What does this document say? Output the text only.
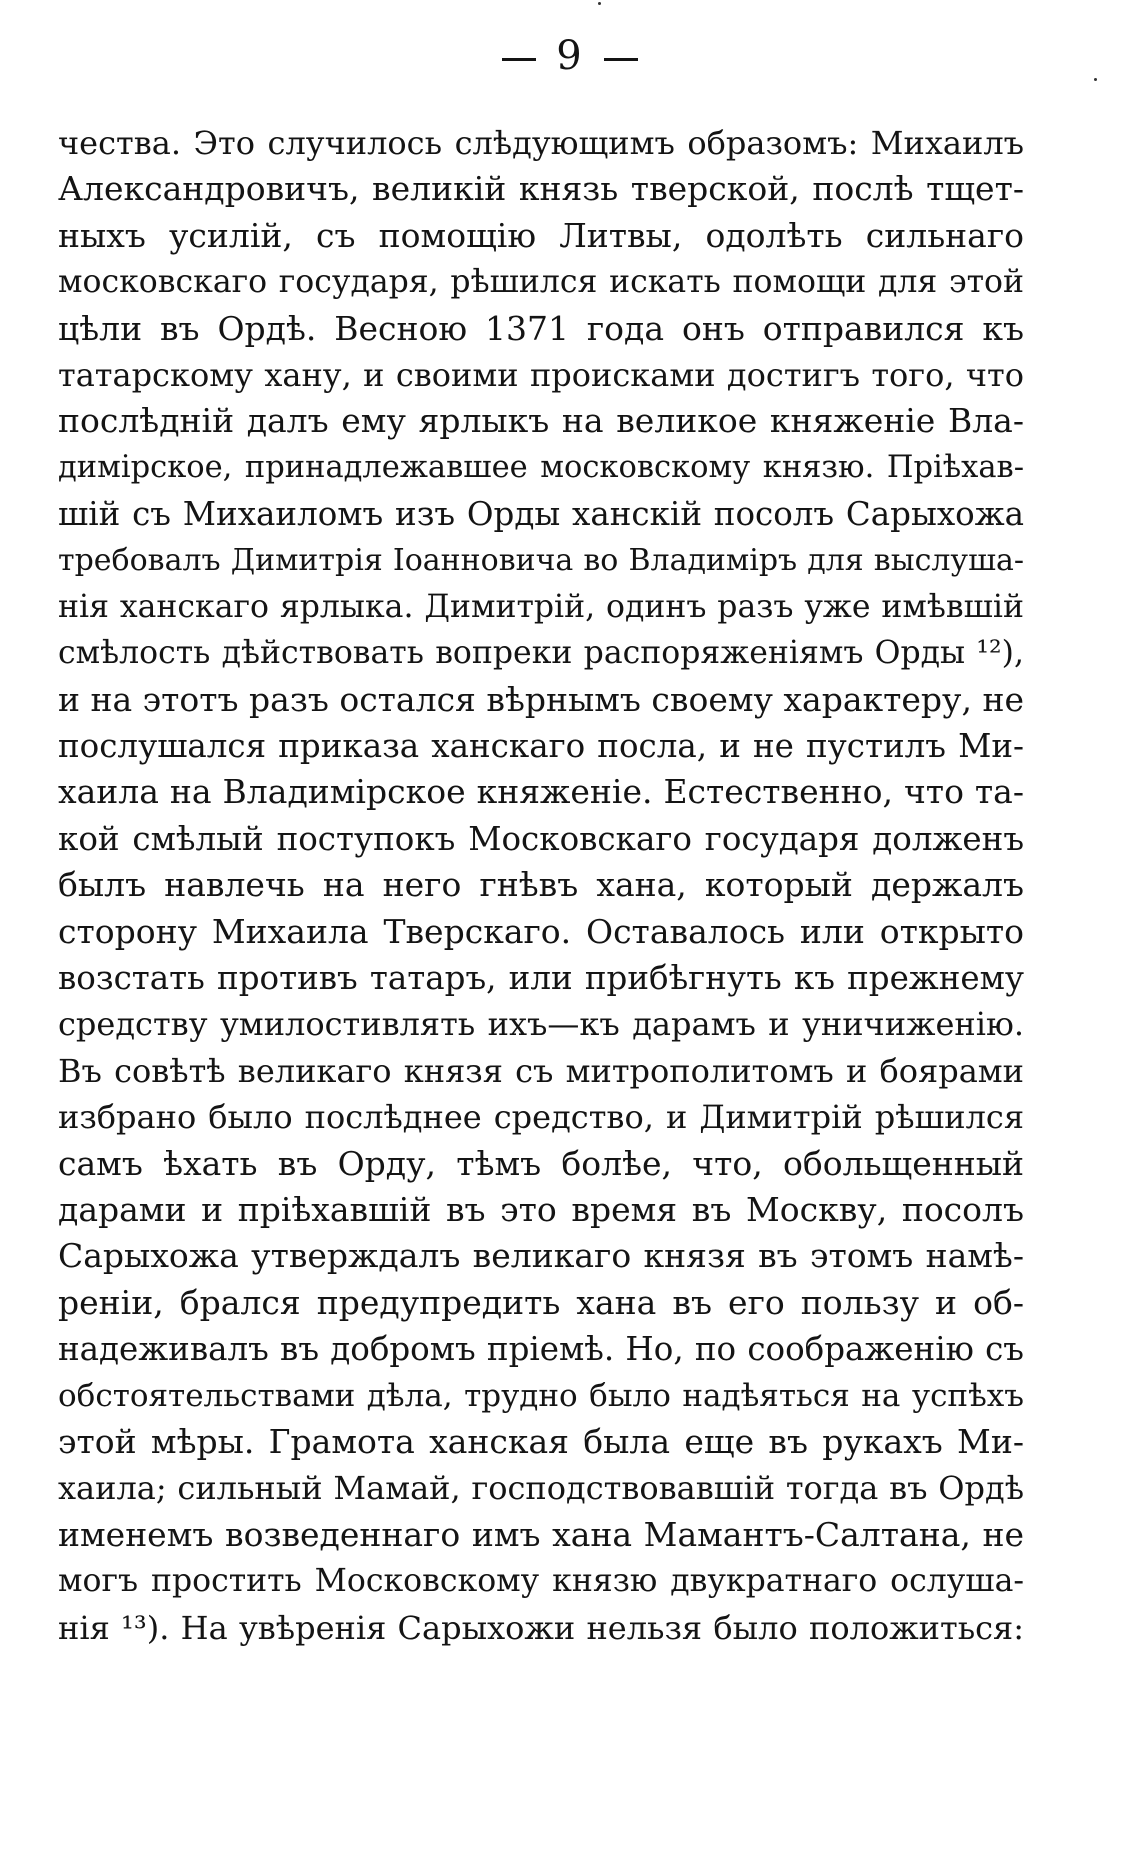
9
чества. Это случилось слѣдующимъ образомъ: Михаилъ
Александровичъ, великій князь тверской, послѣ тщет-
ныхъ усилій, съ помощію Литвы, одолѣть сильнаго
московскаго государя, рѣшился искать помощи для этой
цѣли въ Ордѣ. Весною 1371 года онъ отправился къ
татарскому хану, и своими происками достигъ того, что
послѣдній далъ ему ярлыкъ на великое княженіе Вла-
димірское, принадлежавшее московскому князю. Пріѣхав-
шій съ Михаиломъ изъ Орды ханскій посолъ Сарыхожа
требовалъ Димитрія Іоанновича во Владиміръ для выслуша-
нія ханскаго ярлыка. Димитрій, одинъ разъ уже имѣвшій
смѣлость дѣйствовать вопреки распоряженіямъ Орды ¹²),
и на этотъ разъ остался вѣрнымъ своему характеру, не
послушался приказа ханскаго посла, и не пустилъ Ми-
хаила на Владимірское княженіе. Естественно, что та-
кой смѣлый поступокъ Московскаго государя долженъ
былъ навлечь на него гнѣвъ хана, который держалъ
сторону Михаила Тверскаго. Оставалось или открыто
возстать противъ татаръ, или прибѣгнуть къ прежнему
средству умилостивлять ихъ—къ дарамъ и уничиженію.
Въ совѣтѣ великаго князя съ митрополитомъ и боярами
избрано было послѣднее средство, и Димитрій рѣшился
самъ ѣхать въ Орду, тѣмъ болѣе, что, обольщенный
дарами и пріѣхавшій въ это время въ Москву, посолъ
Сарыхожа утверждалъ великаго князя въ этомъ намѣ-
реніи, брался предупредить хана въ его пользу и об-
надеживалъ въ добромъ пріемѣ. Но, по соображенію съ
обстоятельствами дѣла, трудно было надѣяться на успѣхъ
этой мѣры. Грамота ханская была еще въ рукахъ Ми-
хаила; сильный Мамай, господствовавшій тогда въ Ордѣ
именемъ возведеннаго имъ хана Мамантъ-Салтана, не
могъ простить Московскому князю двукратнаго ослуша-
нія ¹³). На увѣренія Сарыхожи нельзя было положиться:
